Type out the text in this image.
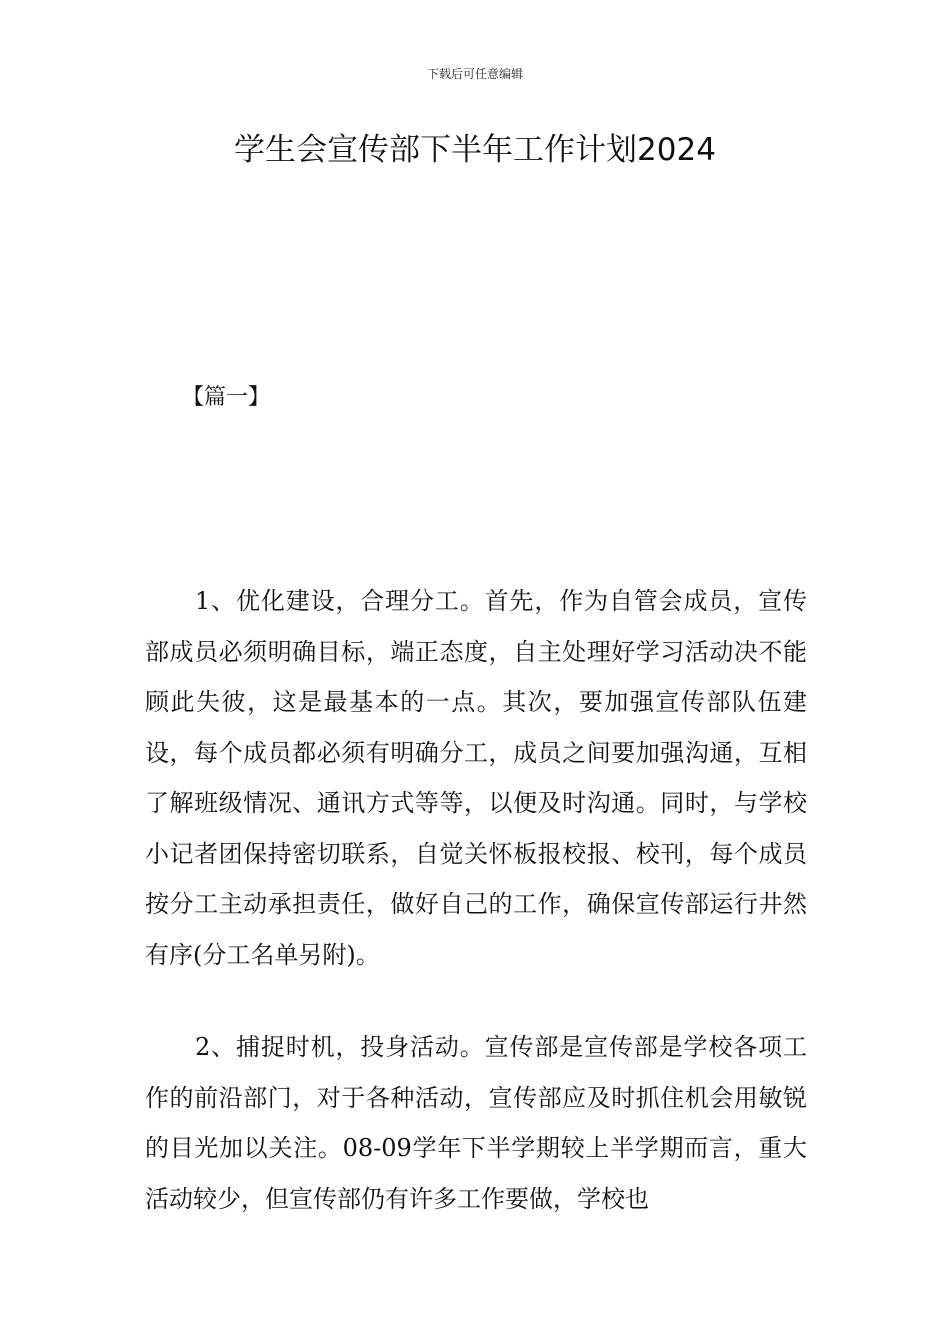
下载后可任意编辑
学生会宣传部下半年工作计划2024
【篇一】

1、优化建设，合理分工。首先，作为自管会成员，宣传部成员必须明确目标，端正态度，自主处理好学习活动决不能顾此失彼，这是最基本的一点。其次，要加强宣传部队伍建设，每个成员都必须有明确分工，成员之间要加强沟通，互相了解班级情况、通讯方式等等，以便及时沟通。同时，与学校小记者团保持密切联系，自觉关怀板报校报、校刊，每个成员按分工主动承担责任，做好自己的工作，确保宣传部运行井然有序(分工名单另附)。

2、捕捉时机，投身活动。宣传部是宣传部是学校各项工作的前沿部门，对于各种活动，宣传部应及时抓住机会用敏锐的目光加以关注。08-09学年下半学期较上半学期而言，重大活动较少，但宣传部仍有许多工作要做，学校也
